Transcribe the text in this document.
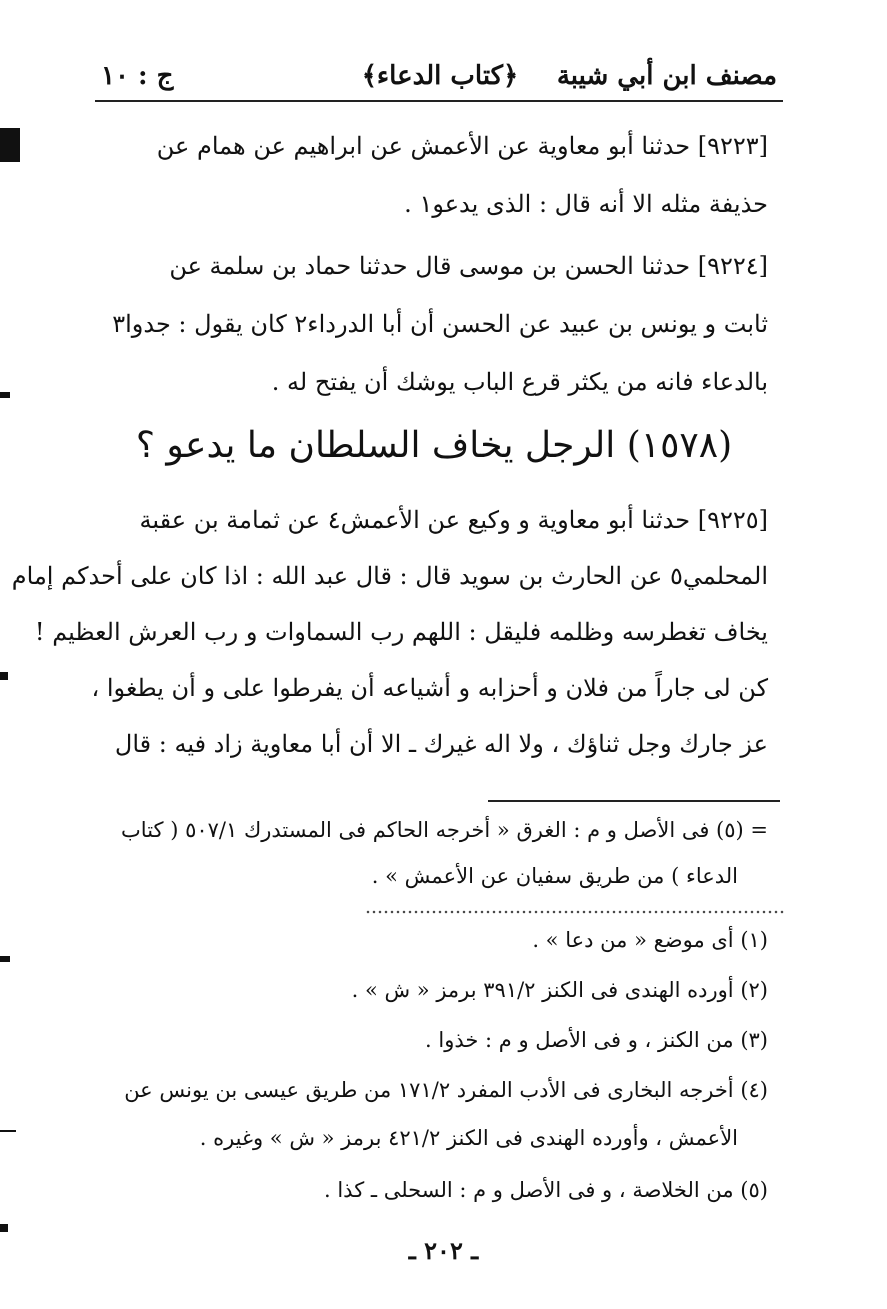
مصنف ابن أبي شيبة
﴿كتاب الدعاء﴾
ج : ١٠
[٩٢٢٣] حدثنا أبو معاوية عن الأعمش عن ابراهيم عن همام عن
حذيفة مثله الا أنه قال : الذى يدعو١ .
[٩٢٢٤] حدثنا الحسن بن موسى قال حدثنا حماد بن سلمة عن
ثابت و يونس بن عبيد عن الحسن أن أبا الدرداء٢ كان يقول : جدوا٣
بالدعاء فانه من يكثر قرع الباب يوشك أن يفتح له .
(١٥٧٨) الرجل يخاف السلطان ما يدعو ؟
[٩٢٢٥] حدثنا أبو معاوية و وكيع عن الأعمش٤ عن ثمامة بن عقبة
المحلمي٥ عن الحارث بن سويد قال : قال عبد الله : اذا كان على أحدكم إمام
يخاف تغطرسه وظلمه فليقل : اللهم رب السماوات و رب العرش العظيم !
كن لى جاراً من فلان و أحزابه و أشياعه أن يفرطوا على و أن يطغوا ،
عز جارك وجل ثناؤك ، ولا اله غيرك ـ الا أن أبا معاوية زاد فيه : قال
= (٥) فى الأصل و م : الغرق « أخرجه الحاكم فى المستدرك ٥٠٧/١ ( كتاب
الدعاء ) من طريق سفيان عن الأعمش » .
(١) أى موضع « من دعا » .
(٢) أورده الهندى فى الكنز ٣٩١/٢ برمز « ش » .
(٣) من الكنز ، و فى الأصل و م : خذوا .
(٤) أخرجه البخارى فى الأدب المفرد ١٧١/٢ من طريق عيسى بن يونس عن
الأعمش ، وأورده الهندى فى الكنز ٤٢١/٢ برمز « ش » وغيره .
(٥) من الخلاصة ، و فى الأصل و م : السحلى ـ كذا .
ـ ٢٠٢ ـ
